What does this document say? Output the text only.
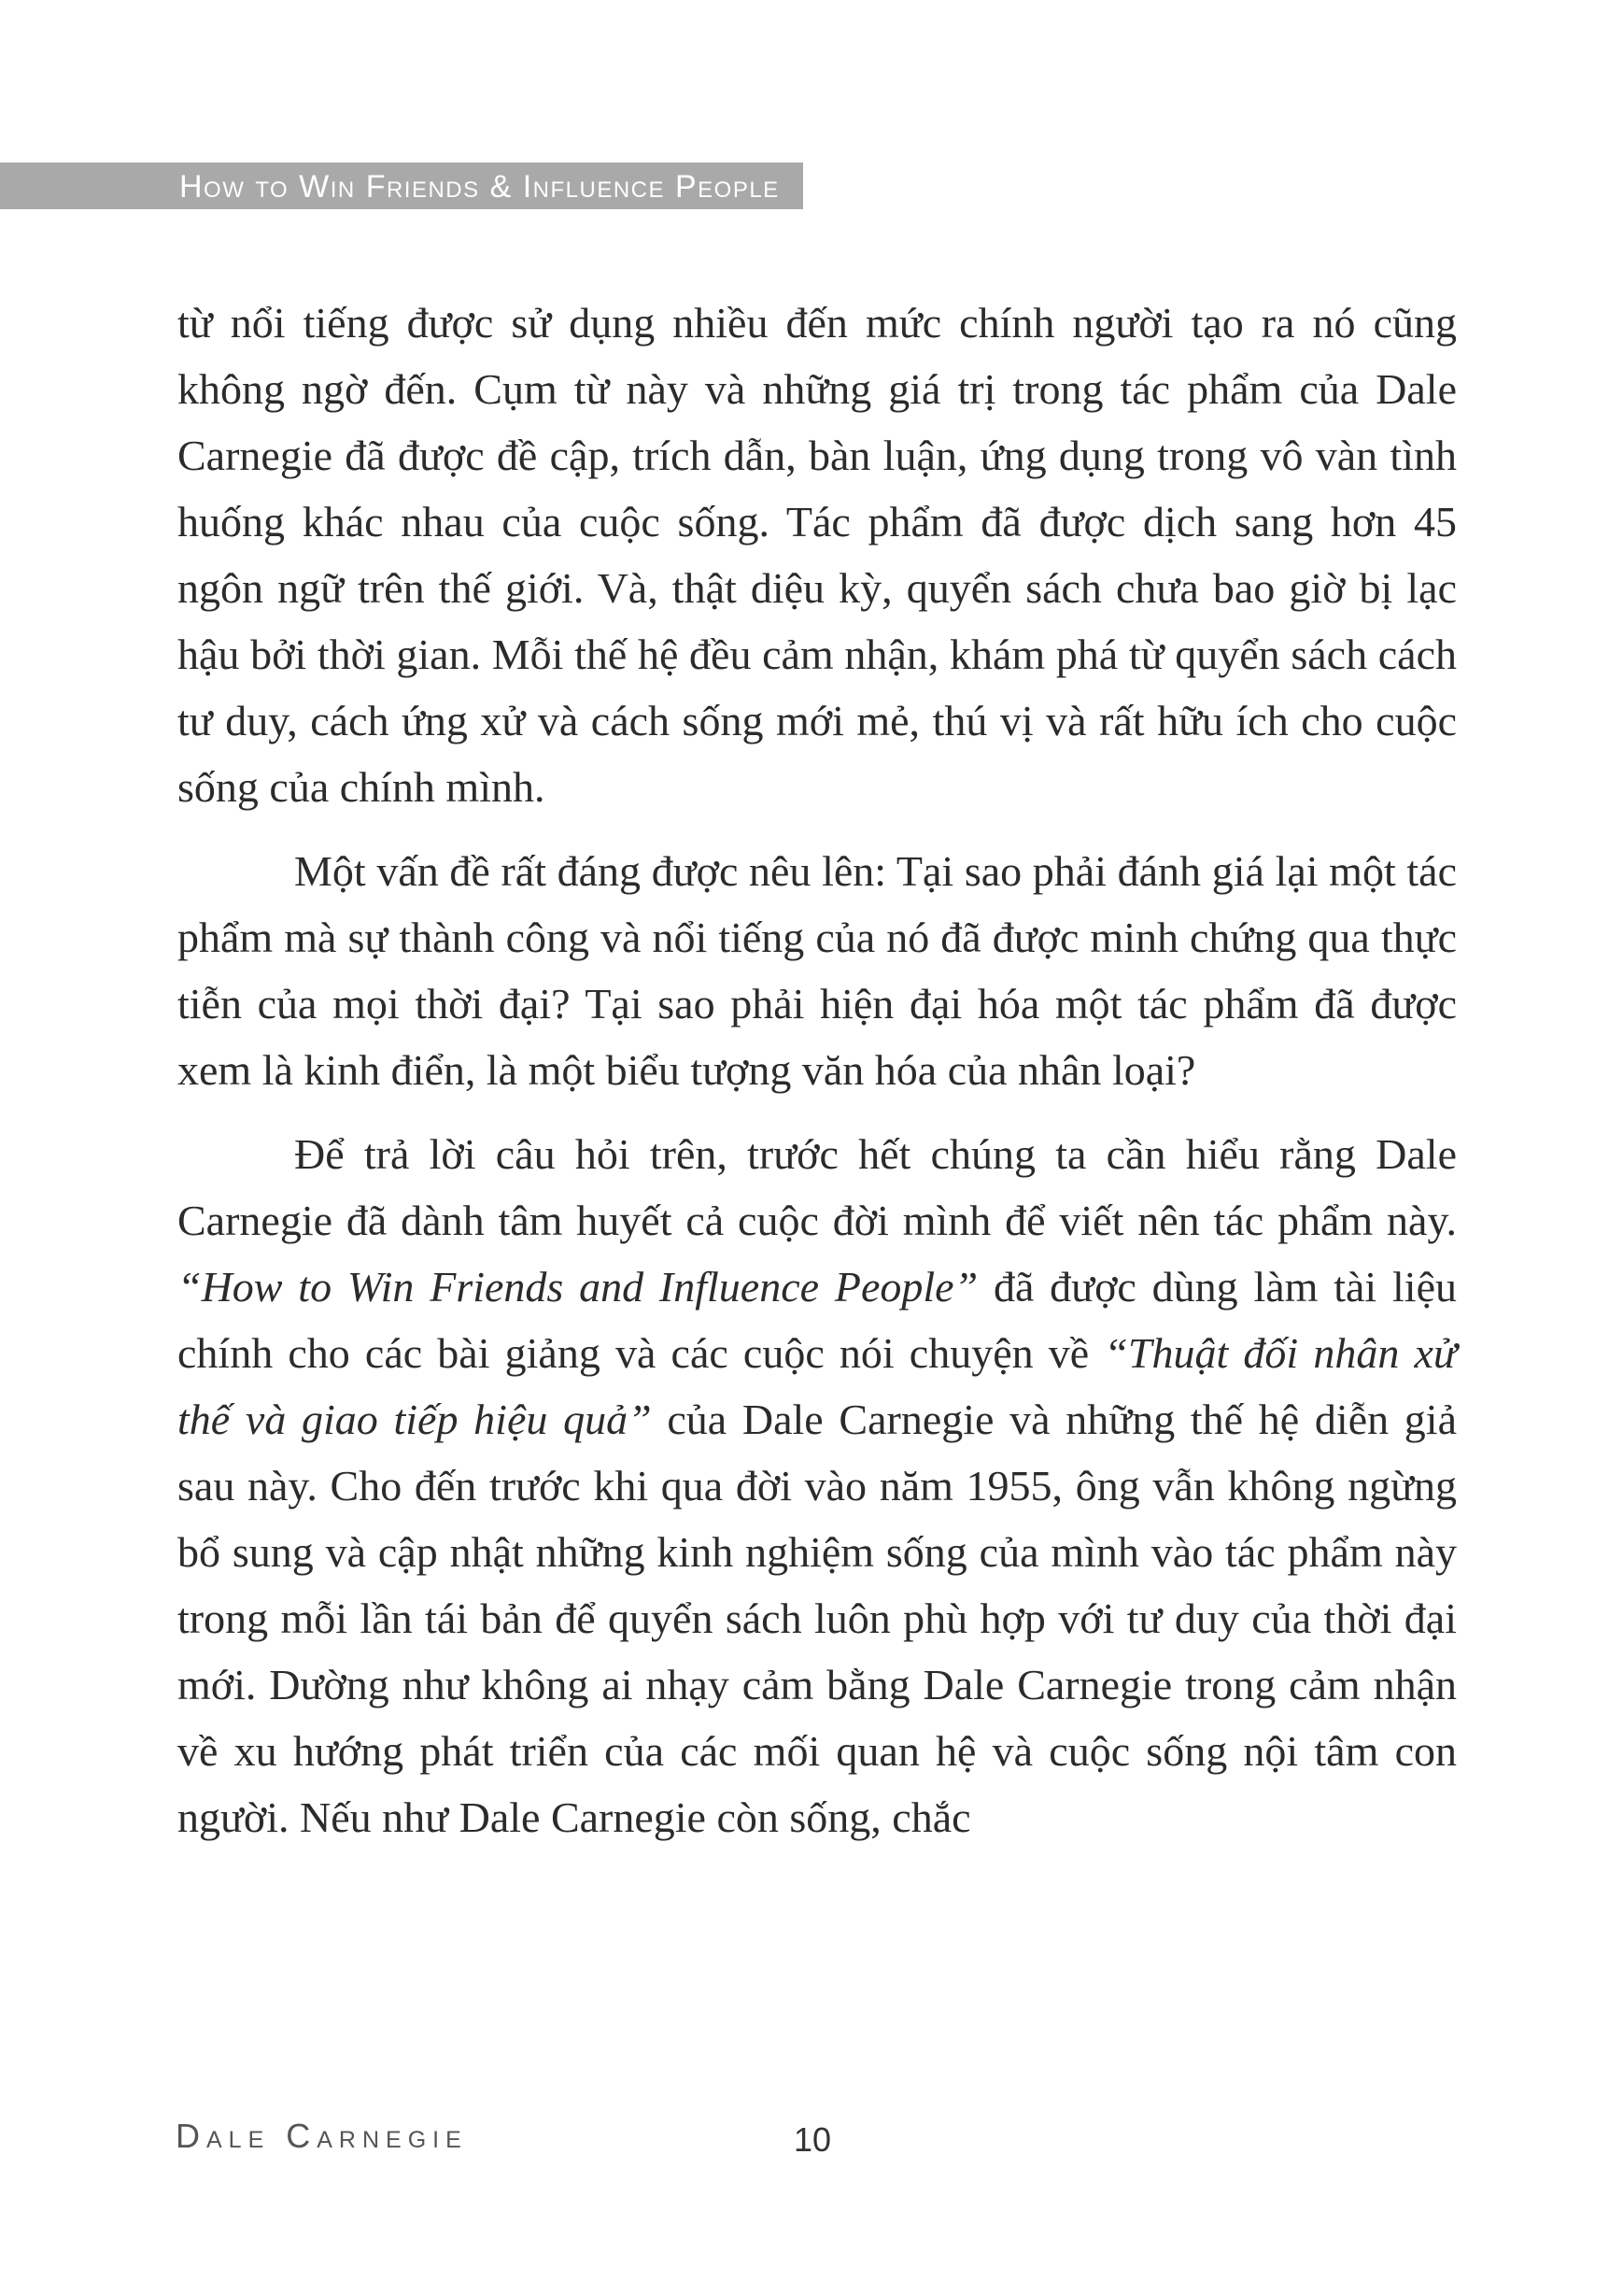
How to Win Friends & Influence People

từ nổi tiếng được sử dụng nhiều đến mức chính người tạo ra nó cũng không ngờ đến. Cụm từ này và những giá trị trong tác phẩm của Dale Carnegie đã được đề cập, trích dẫn, bàn luận, ứng dụng trong vô vàn tình huống khác nhau của cuộc sống. Tác phẩm đã được dịch sang hơn 45 ngôn ngữ trên thế giới. Và, thật diệu kỳ, quyển sách chưa bao giờ bị lạc hậu bởi thời gian. Mỗi thế hệ đều cảm nhận, khám phá từ quyển sách cách tư duy, cách ứng xử và cách sống mới mẻ, thú vị và rất hữu ích cho cuộc sống của chính mình.

Một vấn đề rất đáng được nêu lên: Tại sao phải đánh giá lại một tác phẩm mà sự thành công và nổi tiếng của nó đã được minh chứng qua thực tiễn của mọi thời đại? Tại sao phải hiện đại hóa một tác phẩm đã được xem là kinh điển, là một biểu tượng văn hóa của nhân loại?

Để trả lời câu hỏi trên, trước hết chúng ta cần hiểu rằng Dale Carnegie đã dành tâm huyết cả cuộc đời mình để viết nên tác phẩm này. “How to Win Friends and Influence People” đã được dùng làm tài liệu chính cho các bài giảng và các cuộc nói chuyện về “Thuật đối nhân xử thế và giao tiếp hiệu quả” của Dale Carnegie và những thế hệ diễn giả sau này. Cho đến trước khi qua đời vào năm 1955, ông vẫn không ngừng bổ sung và cập nhật những kinh nghiệm sống của mình vào tác phẩm này trong mỗi lần tái bản để quyển sách luôn phù hợp với tư duy của thời đại mới. Dường như không ai nhạy cảm bằng Dale Carnegie trong cảm nhận về xu hướng phát triển của các mối quan hệ và cuộc sống nội tâm con người. Nếu như Dale Carnegie còn sống, chắc

Dale Carnegie	10
